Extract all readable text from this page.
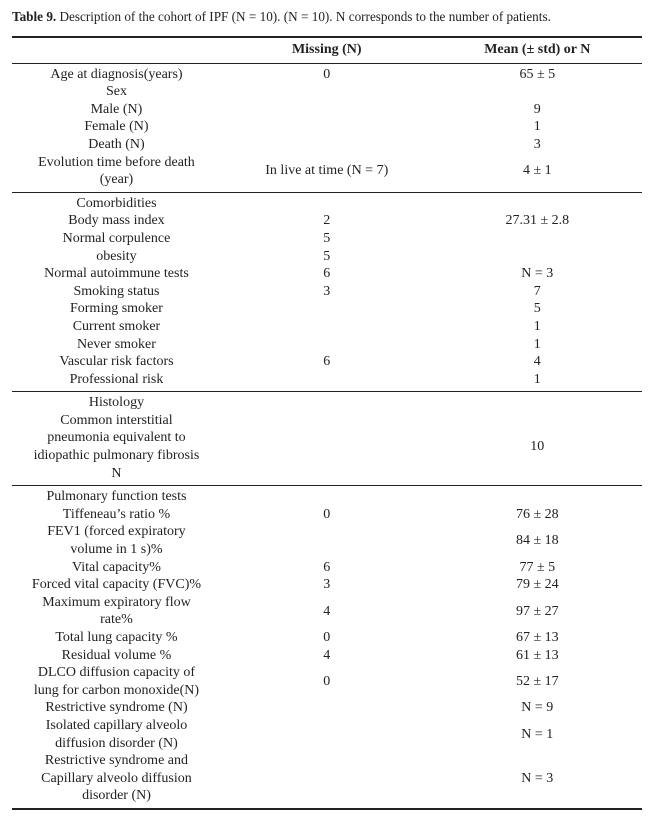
Table 9. Description of the cohort of IPF (N = 10). (N = 10). N corresponds to the number of patients.
	Missing (N)	Mean (± std) or N
Age at diagnosis(years)	0	65 ± 5
Sex		
Male (N)		9
Female (N)		1
Death (N)		3
Evolution time before death
(year)	In live at time (N = 7)	4 ± 1
Comorbidities		
Body mass index	2	27.31 ± 2.8
Normal corpulence	5	
obesity	5	
Normal autoimmune tests	6	N = 3
Smoking status	3	7
Forming smoker		5
Current smoker		1
Never smoker		1
Vascular risk factors	6	4
Professional risk		1
Histology		
Common interstitial
pneumonia equivalent to
idiopathic pulmonary fibrosis
N		10
Pulmonary function tests		
Tiffeneau’s ratio %	0	76 ± 28
FEV1 (forced expiratory
volume in 1 s)%		84 ± 18
Vital capacity%	6	77 ± 5
Forced vital capacity (FVC)%	3	79 ± 24
Maximum expiratory flow
rate%	4	97 ± 27
Total lung capacity %	0	67 ± 13
Residual volume %	4	61 ± 13
DLCO diffusion capacity of
lung for carbon monoxide(N)	0	52 ± 17
Restrictive syndrome (N)		N = 9
Isolated capillary alveolo
diffusion disorder (N)		N = 1
Restrictive syndrome and
Capillary alveolo diffusion
disorder (N)		N = 3
